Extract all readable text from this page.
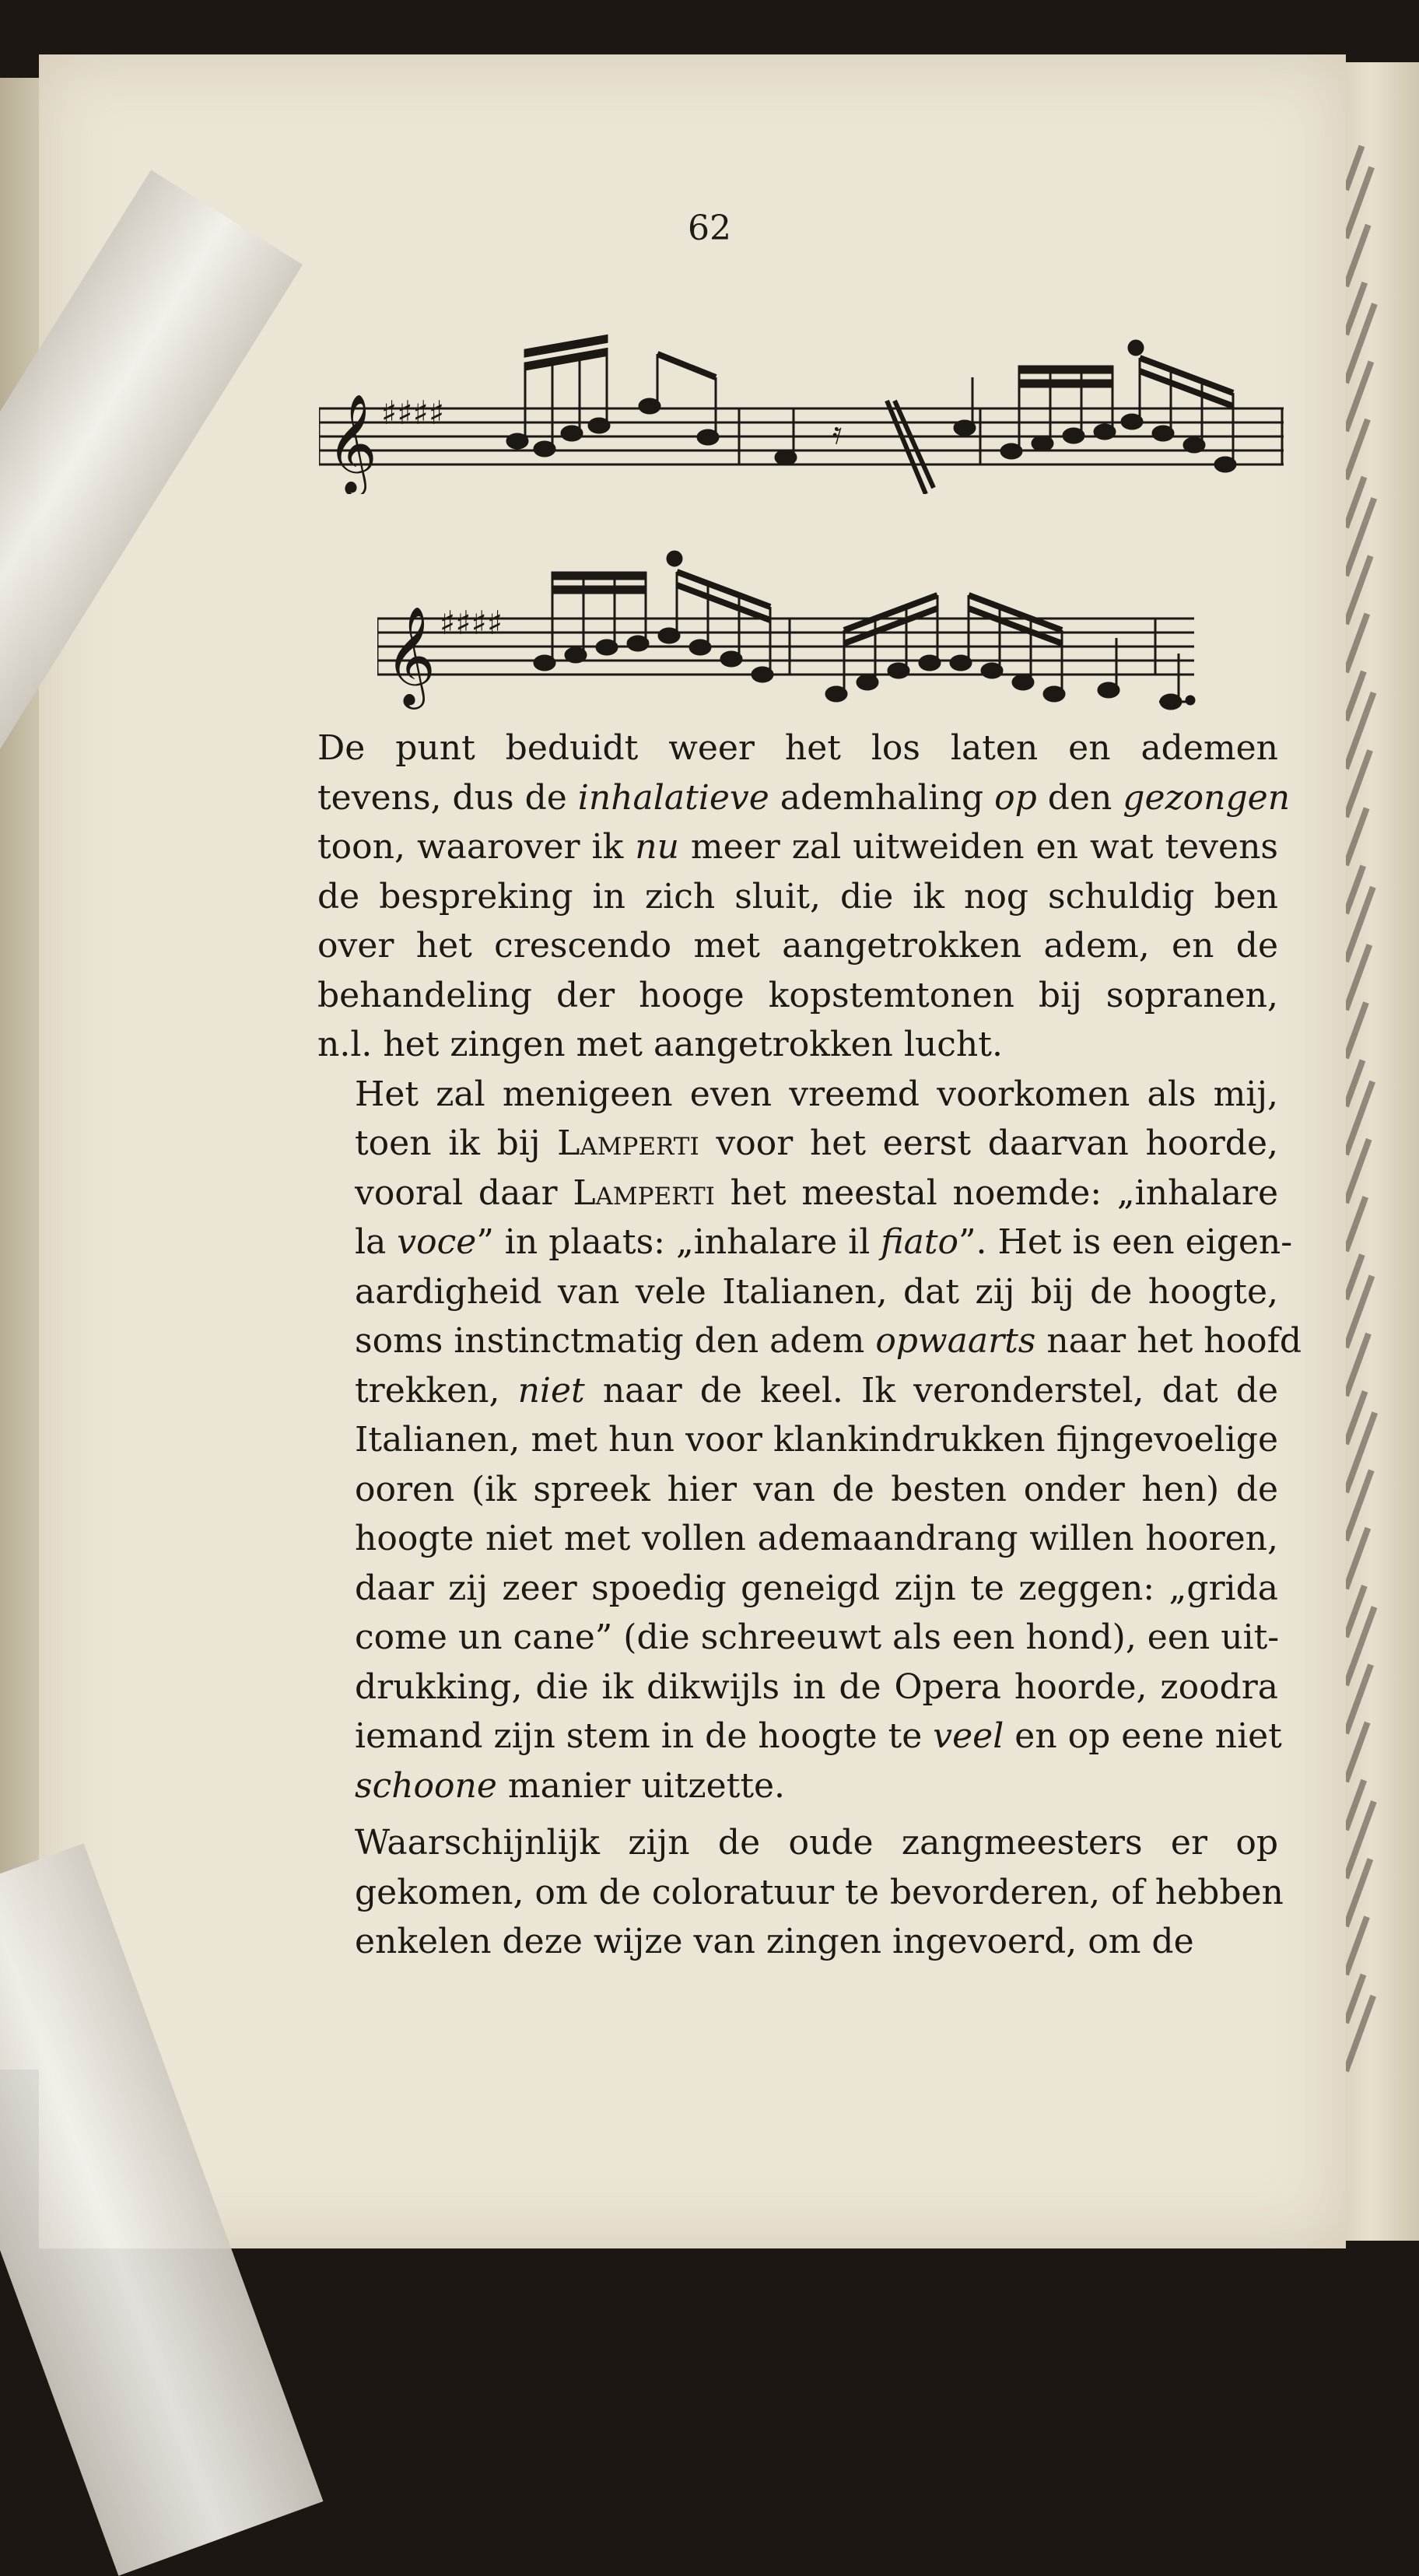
62
𝄞 ♯♯♯♯
𝄿
𝄞 ♯♯♯♯

De punt beduidt weer het los laten en ademen
tevens, dus de inhalatieve ademhaling op den gezongen
toon, waarover ik nu meer zal uitweiden en wat tevens
de bespreking in zich sluit, die ik nog schuldig ben
over het crescendo met aangetrokken adem, en de
behandeling der hooge kopstemtonen bij sopranen,
n.l. het zingen met aangetrokken lucht.

Het zal menigeen even vreemd voorkomen als mij,
toen ik bij Lamperti voor het eerst daarvan hoorde,
vooral daar Lamperti het meestal noemde: „inhalare
la voce” in plaats: „inhalare il fiato”. Het is een eigen-
aardigheid van vele Italianen, dat zij bij de hoogte,
soms instinctmatig den adem opwaarts naar het hoofd
trekken, niet naar de keel. Ik veronderstel, dat de
Italianen, met hun voor klankindrukken fijngevoelige
ooren (ik spreek hier van de besten onder hen) de
hoogte niet met vollen ademaandrang willen hooren,
daar zij zeer spoedig geneigd zijn te zeggen: „grida
come un cane” (die schreeuwt als een hond), een uit-
drukking, die ik dikwijls in de Opera hoorde, zoodra
iemand zijn stem in de hoogte te veel en op eene niet
schoone manier uitzette.

Waarschijnlijk zijn de oude zangmeesters er op
gekomen, om de coloratuur te bevorderen, of hebben
enkelen deze wijze van zingen ingevoerd, om de
